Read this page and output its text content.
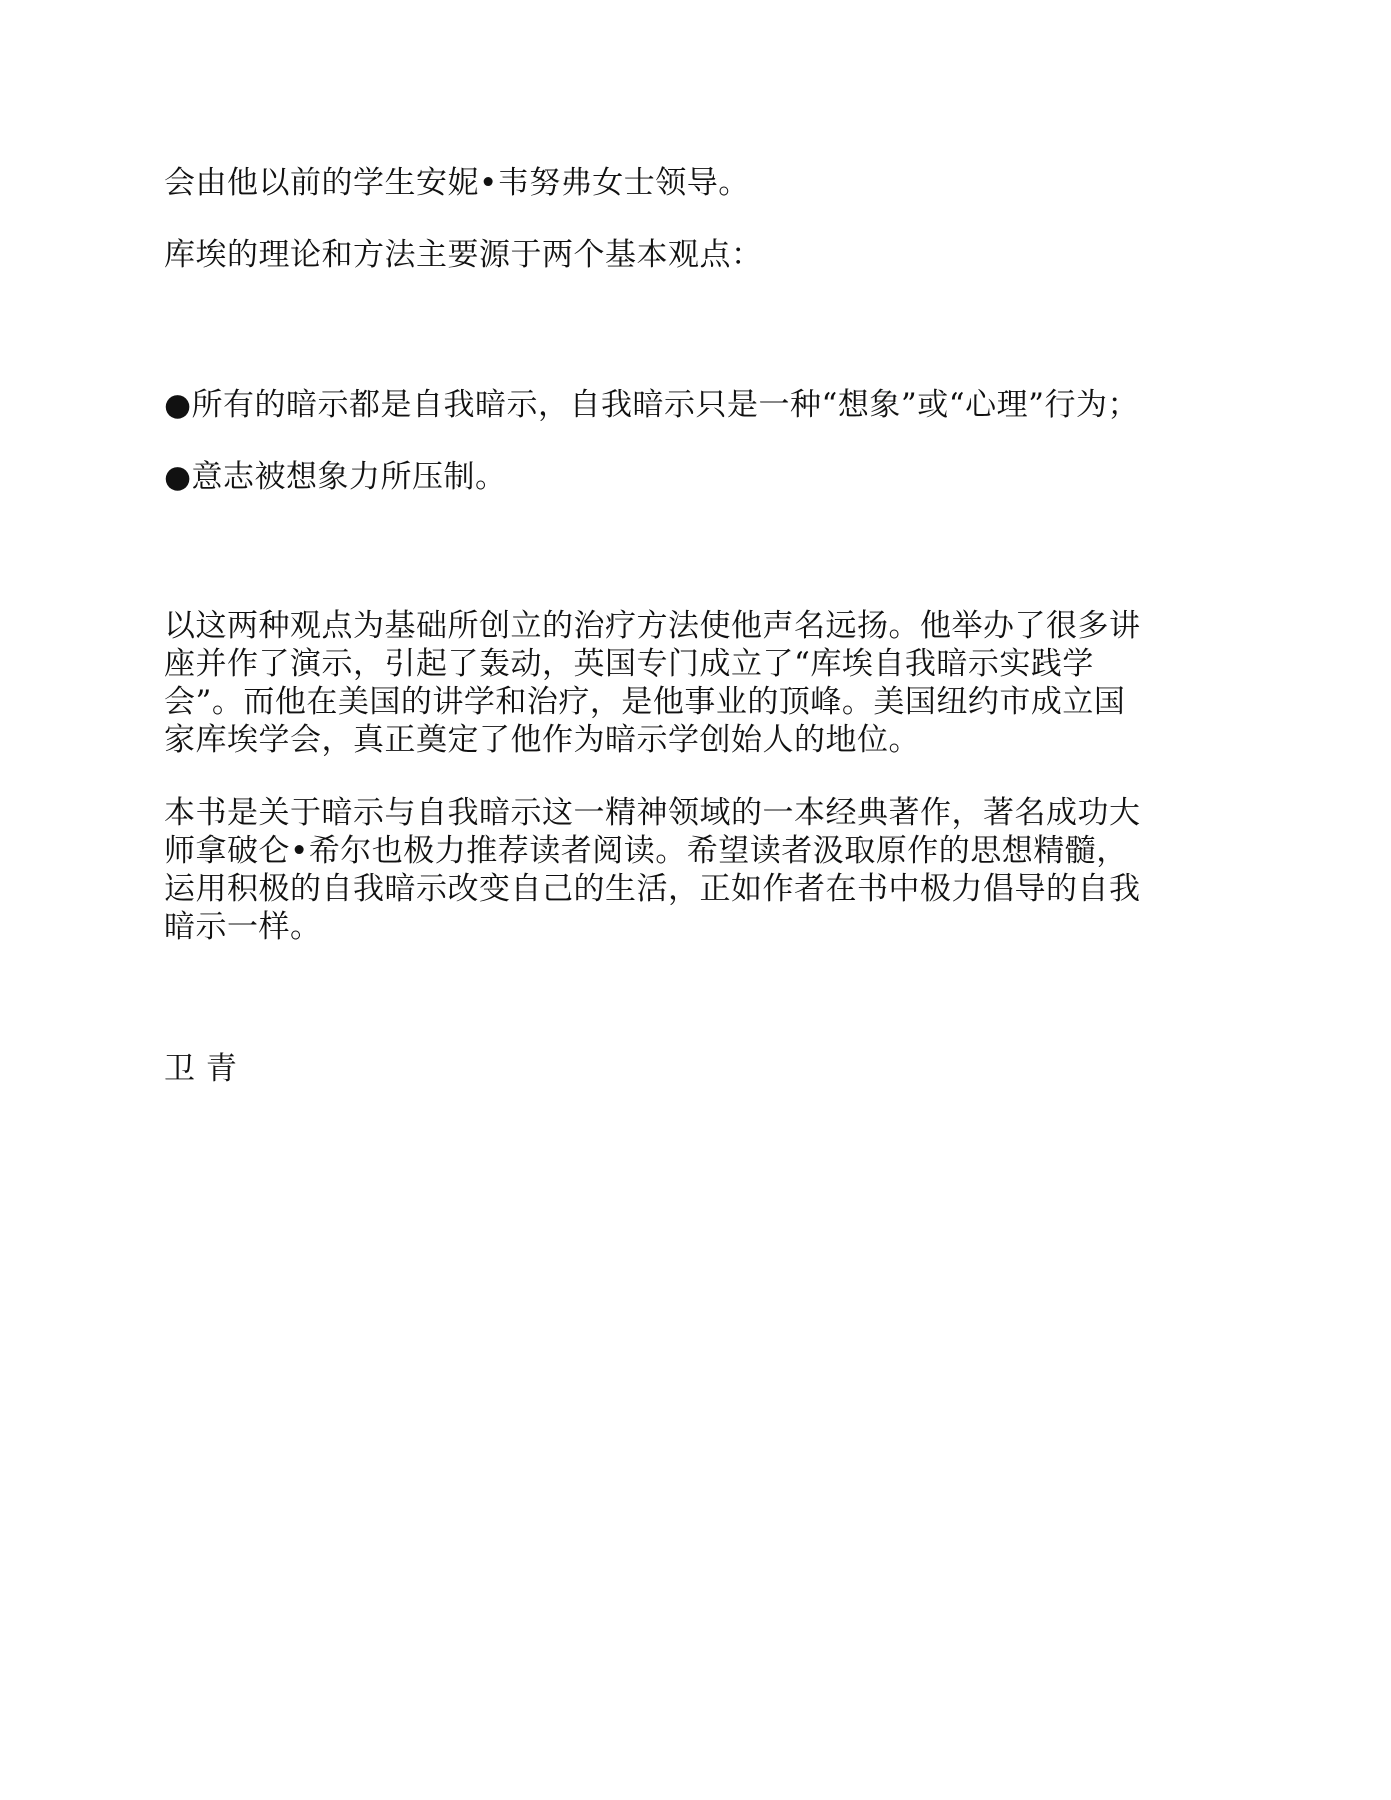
会由他以前的学生安妮•韦努弗女士领导。
库埃的理论和方法主要源于两个基本观点：
●所有的暗示都是自我暗示，自我暗示只是一种“想象”或“心理”行为；
●意志被想象力所压制。
以这两种观点为基础所创立的治疗方法使他声名远扬。他举办了很多讲
座并作了演示，引起了轰动，英国专门成立了“库埃自我暗示实践学
会”。而他在美国的讲学和治疗，是他事业的顶峰。美国纽约市成立国
家库埃学会，真正奠定了他作为暗示学创始人的地位。
本书是关于暗示与自我暗示这一精神领域的一本经典著作，著名成功大
师拿破仑•希尔也极力推荐读者阅读。希望读者汲取原作的思想精髓，
运用积极的自我暗示改变自己的生活，正如作者在书中极力倡导的自我
暗示一样。
卫 青
